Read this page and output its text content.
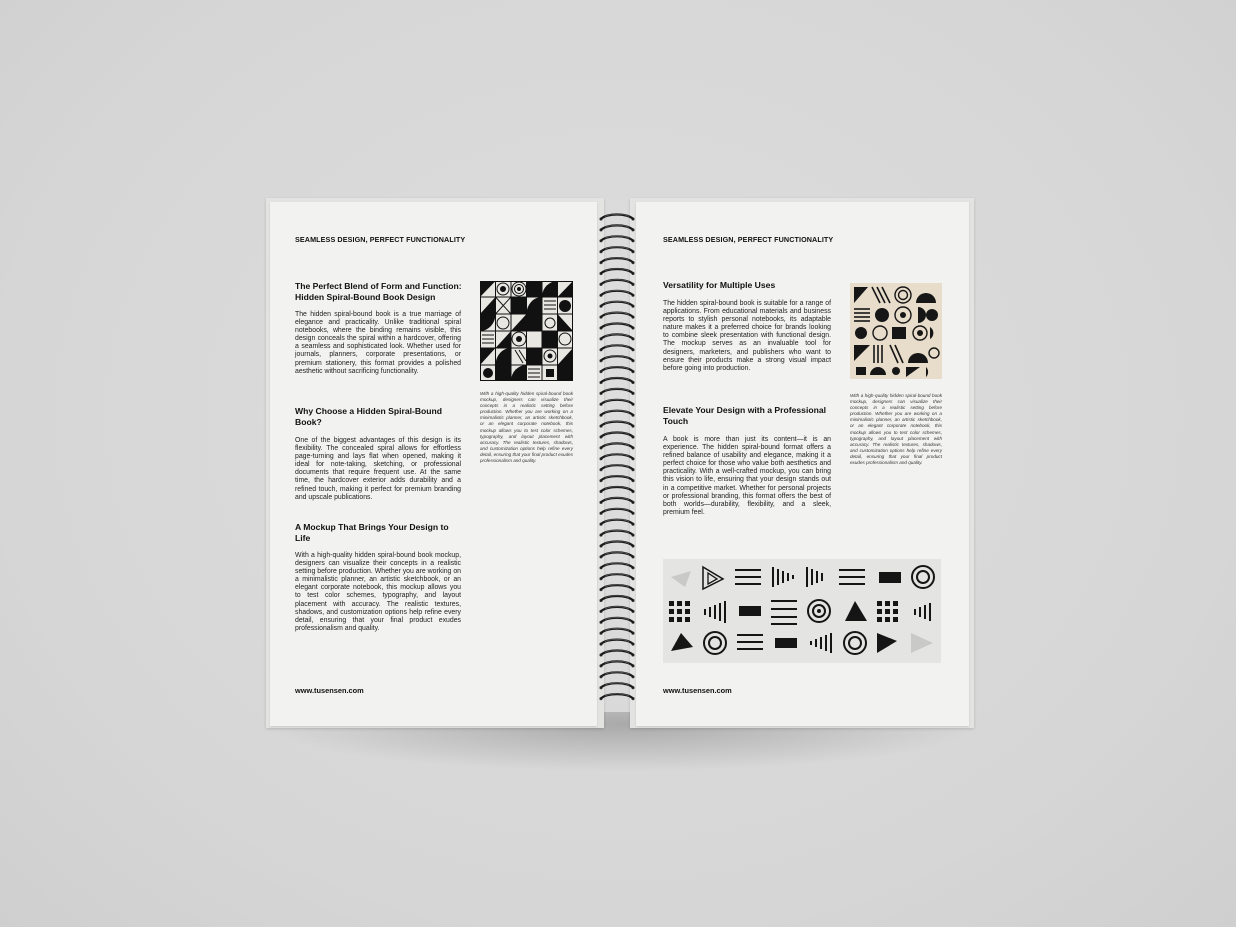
SEAMLESS DESIGN, PERFECT FUNCTIONALITY
The Perfect Blend of Form and Function: Hidden Spiral-Bound Book Design
The hidden spiral-bound book is a true marriage of elegance and practicality. Unlike traditional spiral notebooks, where the binding remains visible, this design conceals the spiral within a hardcover, offering a seamless and sophisticated look. Whether used for journals, planners, corporate presentations, or premium stationery, this format provides a polished aesthetic without sacrificing functionality.
Why Choose a Hidden Spiral-Bound Book?
One of the biggest advantages of this design is its flexibility. The concealed spiral allows for effortless page-turning and lays flat when opened, making it ideal for note-taking, sketching, or professional documents that require frequent use. At the same time, the hardcover exterior adds durability and a refined touch, making it perfect for premium branding and upscale publications.
A Mockup That Brings Your Design to Life
With a high-quality hidden spiral-bound book mockup, designers can visualize their concepts in a realistic setting before production. Whether you are working on a minimalistic planner, an artistic sketchbook, or an elegant corporate notebook, this mockup allows you to test color schemes, typography, and layout placement with accuracy. The realistic textures, shadows, and customization options help refine every detail, ensuring that your final product exudes professionalism and quality.
With a high-quality hidden spiral-bound book mockup, designers can visualize their concepts in a realistic setting before production. Whether you are working on a minimalistic planner, an artistic sketchbook, or an elegant corporate notebook, this mockup allows you to test color schemes, typography, and layout placement with accuracy. The realistic textures, shadows, and customization options help refine every detail, ensuring that your final product exudes professionalism and quality.
www.tusensen.com
SEAMLESS DESIGN, PERFECT FUNCTIONALITY
Versatility for Multiple Uses
The hidden spiral-bound book is suitable for a range of applications. From educational materials and business reports to stylish personal notebooks, its adaptable nature makes it a preferred choice for brands looking to combine sleek presentation with functional design. The mockup serves as an invaluable tool for designers, marketers, and publishers who want to ensure their products make a strong visual impact before going into production.
Elevate Your Design with a Professional Touch
A book is more than just its content—it is an experience. The hidden spiral-bound format offers a refined balance of usability and elegance, making it a perfect choice for those who value both aesthetics and practicality. With a well-crafted mockup, you can bring this vision to life, ensuring that your design stands out in a competitive market. Whether for personal projects or professional branding, this format offers the best of both worlds—durability, flexibility, and a sleek, premium feel.
With a high-quality hidden spiral-bound book mockup, designers can visualize their concepts in a realistic setting before production. Whether you are working on a minimalistic planner, an artistic sketchbook, or an elegant corporate notebook, this mockup allows you to test color schemes, typography, and layout placement with accuracy. The realistic textures, shadows, and customization options help refine every detail, ensuring that your final product exudes professionalism and quality.
www.tusensen.com
